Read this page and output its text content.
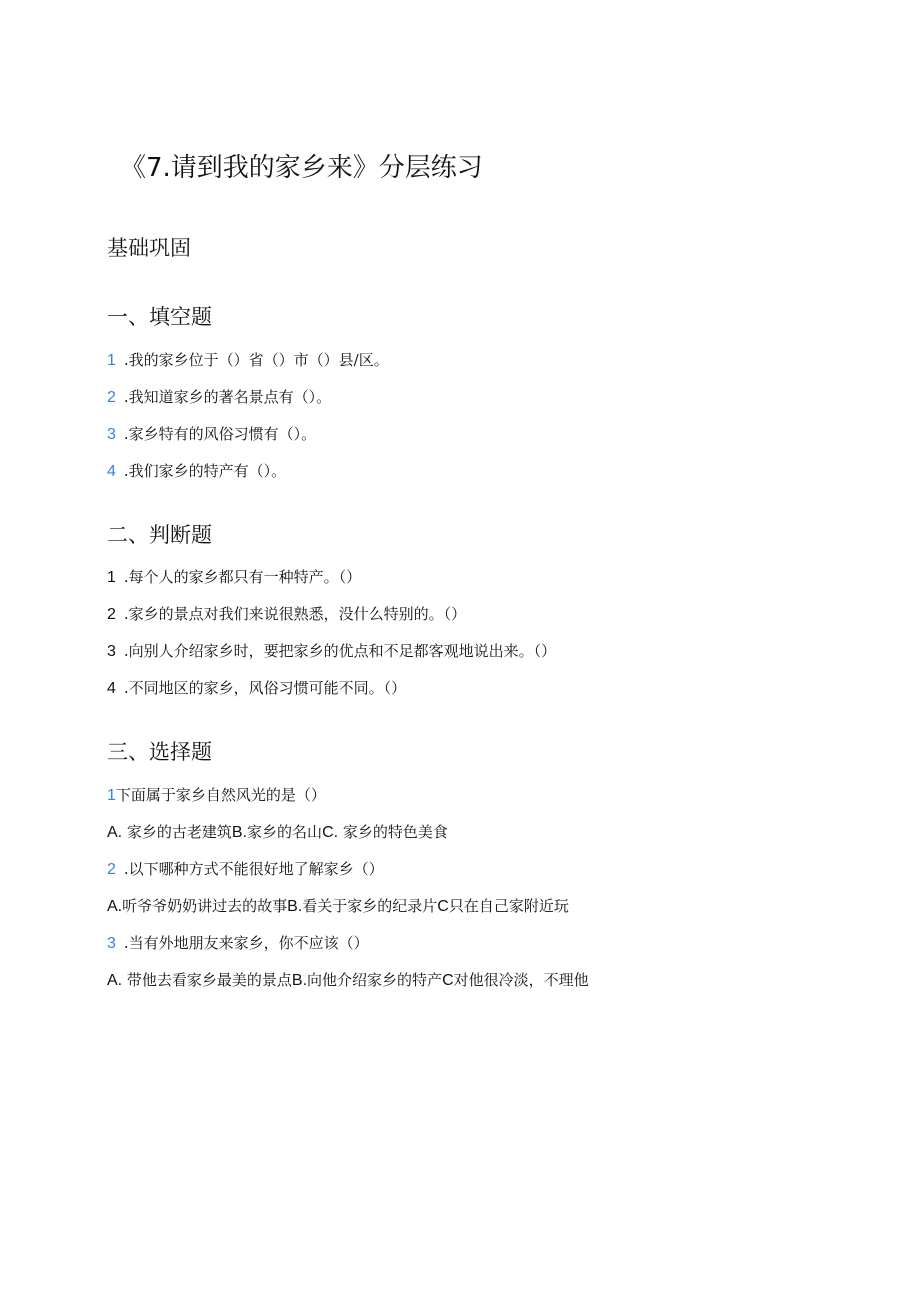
《7.请到我的家乡来》分层练习
基础巩固
一、填空题
1 .我的家乡位于（）省（）市（）县/区。
2 .我知道家乡的著名景点有（）。
3 .家乡特有的风俗习惯有（）。
4 .我们家乡的特产有（）。
二、判断题
1 .每个人的家乡都只有一种特产。（）
2 .家乡的景点对我们来说很熟悉，没什么特别的。（）
3 .向别人介绍家乡时，要把家乡的优点和不足都客观地说出来。（）
4 .不同地区的家乡，风俗习惯可能不同。（）
三、选择题
1下面属于家乡自然风光的是（）
A. 家乡的古老建筑B.家乡的名山C. 家乡的特色美食
2 .以下哪种方式不能很好地了解家乡（）
A.听爷爷奶奶讲过去的故事B.看关于家乡的纪录片C只在自己家附近玩
3 .当有外地朋友来家乡，你不应该（）
A. 带他去看家乡最美的景点B.向他介绍家乡的特产C对他很冷淡，不理他
